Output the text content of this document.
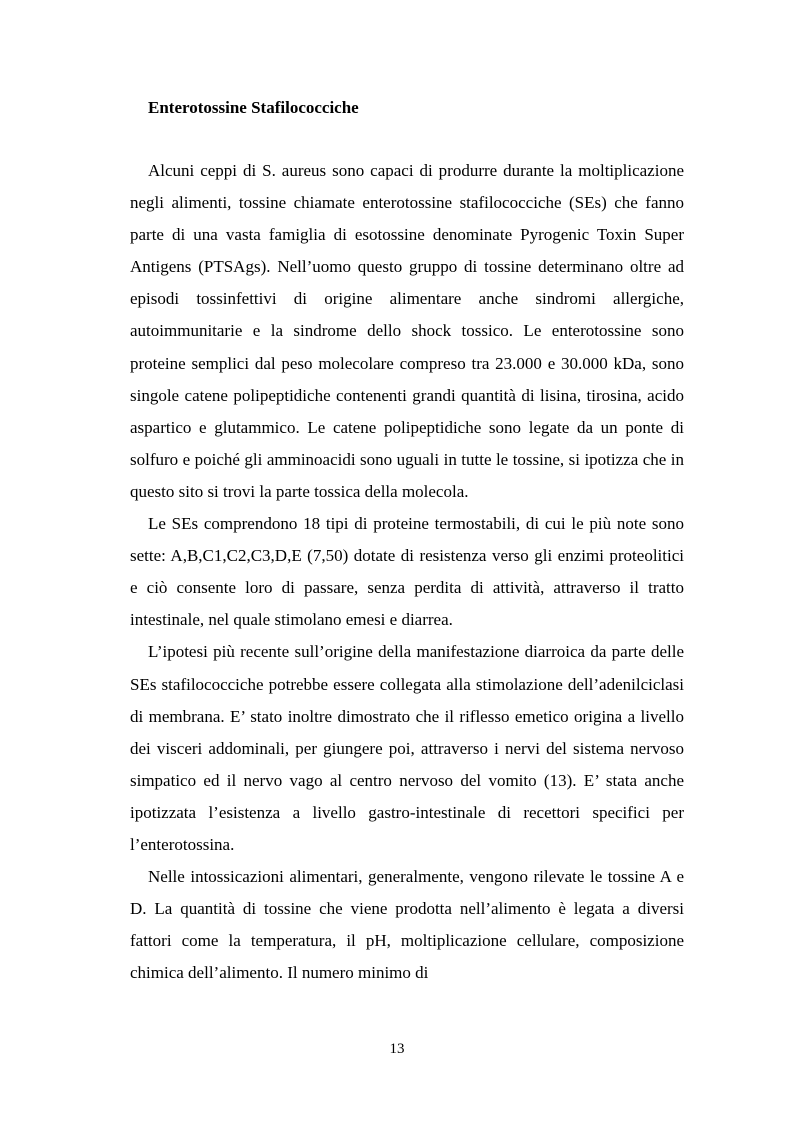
Enterotossine Stafilococciche

Alcuni ceppi di S. aureus sono capaci di produrre durante la moltiplicazione negli alimenti, tossine chiamate enterotossine stafilococciche (SEs) che fanno parte di una vasta famiglia di esotossine denominate Pyrogenic Toxin Super Antigens (PTSAgs). Nell’uomo questo gruppo di tossine determinano oltre ad episodi tossinfettivi di origine alimentare anche sindromi allergiche, autoimmunitarie e la sindrome dello shock tossico. Le enterotossine sono proteine semplici dal peso molecolare compreso tra 23.000 e 30.000 kDa, sono singole catene polipeptidiche contenenti grandi quantità di lisina, tirosina, acido aspartico e glutammico. Le catene polipeptidiche sono legate da un ponte di solfuro e poiché gli amminoacidi sono uguali in tutte le tossine, si ipotizza che in questo sito si trovi la parte tossica della molecola.

Le SEs comprendono 18 tipi di proteine termostabili, di cui le più note sono sette: A,B,C1,C2,C3,D,E (7,50) dotate di resistenza verso gli enzimi proteolitici e ciò consente loro di passare, senza perdita di attività, attraverso il tratto intestinale, nel quale stimolano emesi e diarrea.

L’ipotesi più recente sull’origine della manifestazione diarroica da parte delle SEs stafilococciche potrebbe essere collegata alla stimolazione dell’adenilciclasi di membrana. E’ stato inoltre dimostrato che il riflesso emetico origina a livello dei visceri addominali, per giungere poi, attraverso i nervi del sistema nervoso simpatico ed il nervo vago al centro nervoso del vomito (13). E’ stata anche ipotizzata l’esistenza a livello gastro-intestinale di recettori specifici per l’enterotossina.

Nelle intossicazioni alimentari, generalmente, vengono rilevate le tossine A e D. La quantità di tossine che viene prodotta nell’alimento è legata a diversi fattori come la temperatura, il pH, moltiplicazione cellulare, composizione chimica dell’alimento. Il numero minimo di

13
